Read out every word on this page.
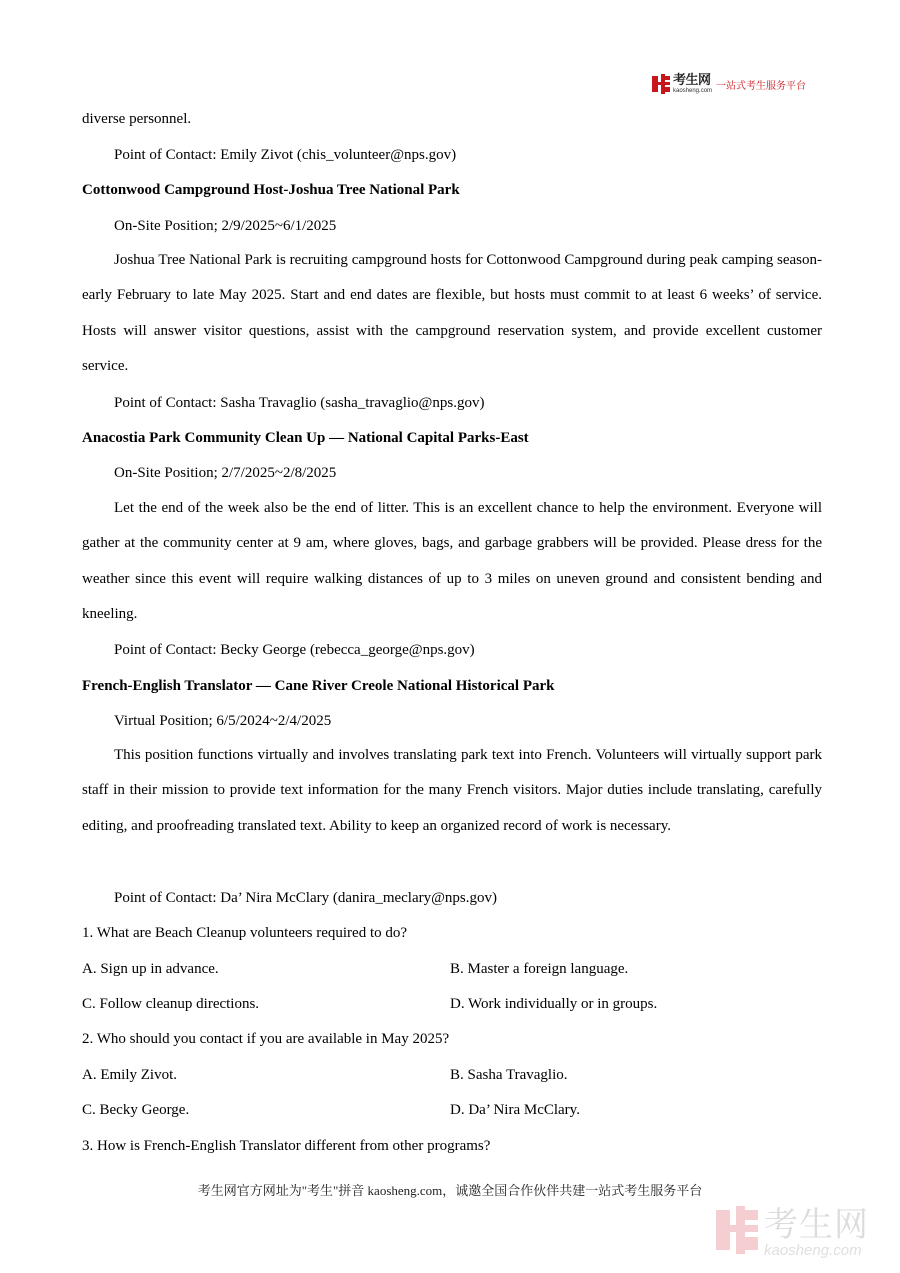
考生网
kaosheng.com 一站式考生服务平台
diverse personnel.
Point of Contact: Emily Zivot (chis_volunteer@nps.gov)
Cottonwood Campground Host-Joshua Tree National Park
On-Site Position; 2/9/2025~6/1/2025
Joshua Tree National Park is recruiting campground hosts for Cottonwood Campground during peak camping season-early February to late May 2025. Start and end dates are flexible, but hosts must commit to at least 6 weeks’ of service. Hosts will answer visitor questions, assist with the campground reservation system, and provide excellent customer service.
Point of Contact: Sasha Travaglio (sasha_travaglio@nps.gov)
Anacostia Park Community Clean Up — National Capital Parks-East
On-Site Position; 2/7/2025~2/8/2025
Let the end of the week also be the end of litter. This is an excellent chance to help the environment. Everyone will gather at the community center at 9 am, where gloves, bags, and garbage grabbers will be provided. Please dress for the weather since this event will require walking distances of up to 3 miles on uneven ground and consistent bending and kneeling.
Point of Contact: Becky George (rebecca_george@nps.gov)
French-English Translator — Cane River Creole National Historical Park
Virtual Position; 6/5/2024~2/4/2025
This position functions virtually and involves translating park text into French. Volunteers will virtually support park staff in their mission to provide text information for the many French visitors. Major duties include translating, carefully editing, and proofreading translated text. Ability to keep an organized record of work is necessary.
Point of Contact: Da’ Nira McClary (danira_meclary@nps.gov)
1. What are Beach Cleanup volunteers required to do?
A. Sign up in advance.	B. Master a foreign language.
C. Follow cleanup directions.	D. Work individually or in groups.
2. Who should you contact if you are available in May 2025?
A. Emily Zivot.	B. Sasha Travaglio.
C. Becky George.	D. Da’ Nira McClary.
3. How is French-English Translator different from other programs?
考生网官方网址为"考生"拼音 kaosheng.com，诚邀全国合作伙伴共建一站式考生服务平台
考生网
kaosheng.com
